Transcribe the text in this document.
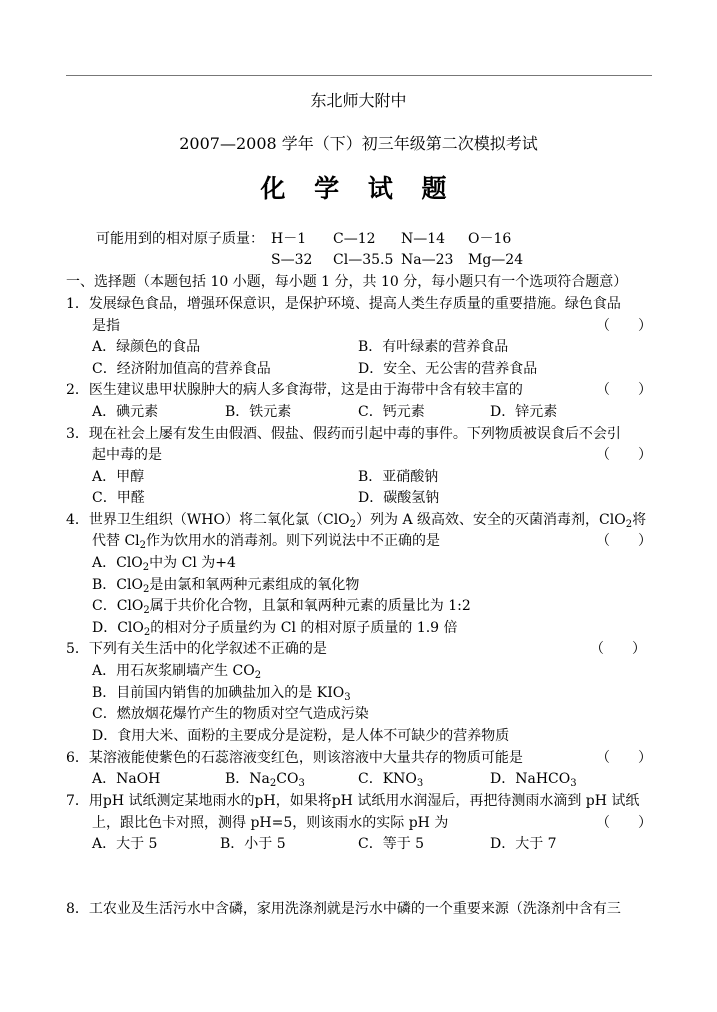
东北师大附中
2007—2008 学年（下）初三年级第二次模拟考试
化 学 试 题
可能用到的相对原子质量： H－1 C—12 N—14 O－16
S—32 Cl—35.5 Na—23 Mg—24
一、选择题（本题包括 10 小题，每小题 1 分，共 10 分，每小题只有一个选项符合题意）
1．发展绿色食品，增强环保意识，是保护环境、提高人类生存质量的重要措施。绿色食品
是指	（　　）
A．绿颜色的食品	B．有叶绿素的营养食品
C．经济附加值高的营养食品	D．安全、无公害的营养食品
2．医生建议患甲状腺肿大的病人多食海带，这是由于海带中含有较丰富的	（　　）
A．碘元素	B．铁元素	C．钙元素	D．锌元素
3．现在社会上屡有发生由假酒、假盐、假药而引起中毒的事件。下列物质被误食后不会引
起中毒的是	（　　）
A．甲醇	B．亚硝酸钠
C．甲醛	D．碳酸氢钠
4．世界卫生组织（WHO）将二氧化氯（ClO$_2$）列为 A 级高效、安全的灭菌消毒剂，ClO$_2$将
代替 $Cl_2$作为饮用水的消毒剂。则下列说法中不正确的是	（　　）
A．ClO$_2$中为 Cl 为+4
B．ClO$_2$是由氯和氧两种元素组成的氧化物
C．ClO$_2$属于共价化合物，且氯和氧两种元素的质量比为 1:2
D．ClO$_2$的相对分子质量约为 Cl 的相对原子质量的 1.9 倍
5．下列有关生活中的化学叙述不正确的是	（　　）
A．用石灰浆刷墙产生 $CO_2$
B．目前国内销售的加碘盐加入的是 $KIO_3$
C．燃放烟花爆竹产生的物质对空气造成污染
D．食用大米、面粉的主要成分是淀粉，是人体不可缺少的营养物质
6．某溶液能使紫色的石蕊溶液变红色，则该溶液中大量共存的物质可能是	（　　）
A．NaOH	B．$Na_2CO_3$	C．$KNO_3$	D．NaHCO$_3$
7．用pH 试纸测定某地雨水的pH，如果将pH 试纸用水润湿后，再把待测雨水滴到 pH 试纸
上，跟比色卡对照，测得 pH=5，则该雨水的实际 pH 为	（　　）
A．大于 5	B．小于 5	C．等于 5	D．大于 7
8．工农业及生活污水中含磷，家用洗涤剂就是污水中磷的一个重要来源（洗涤剂中含有三
